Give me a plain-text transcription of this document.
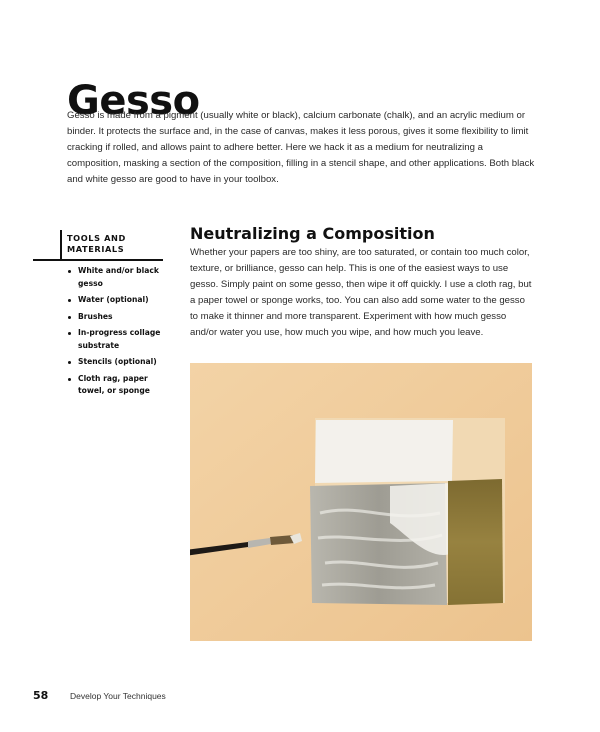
Gesso

Gesso is made from a pigment (usually white or black), calcium carbonate (chalk), and an acrylic medium or binder. It protects the surface and, in the case of canvas, makes it less porous, gives it some flexibility to limit cracking if rolled, and allows paint to adhere better. Here we hack it as a medium for neutralizing a composition, masking a section of the composition, filling in a stencil shape, and other applications. Both black and white gesso are good to have in your toolbox.

TOOLS AND MATERIALS
White and/or black gesso
Water (optional)
Brushes
In-progress collage substrate
Stencils (optional)
Cloth rag, paper towel, or sponge
Neutralizing a Composition

Whether your papers are too shiny, are too saturated, or contain too much color, texture, or brilliance, gesso can help. This is one of the easiest ways to use gesso. Simply paint on some gesso, then wipe it off quickly. I use a cloth rag, but a paper towel or sponge works, too. You can also add some water to the gesso to make it thinner and more transparent. Experiment with how much gesso and/or water you use, how much you wipe, and how much you leave.

58	Develop Your Techniques
